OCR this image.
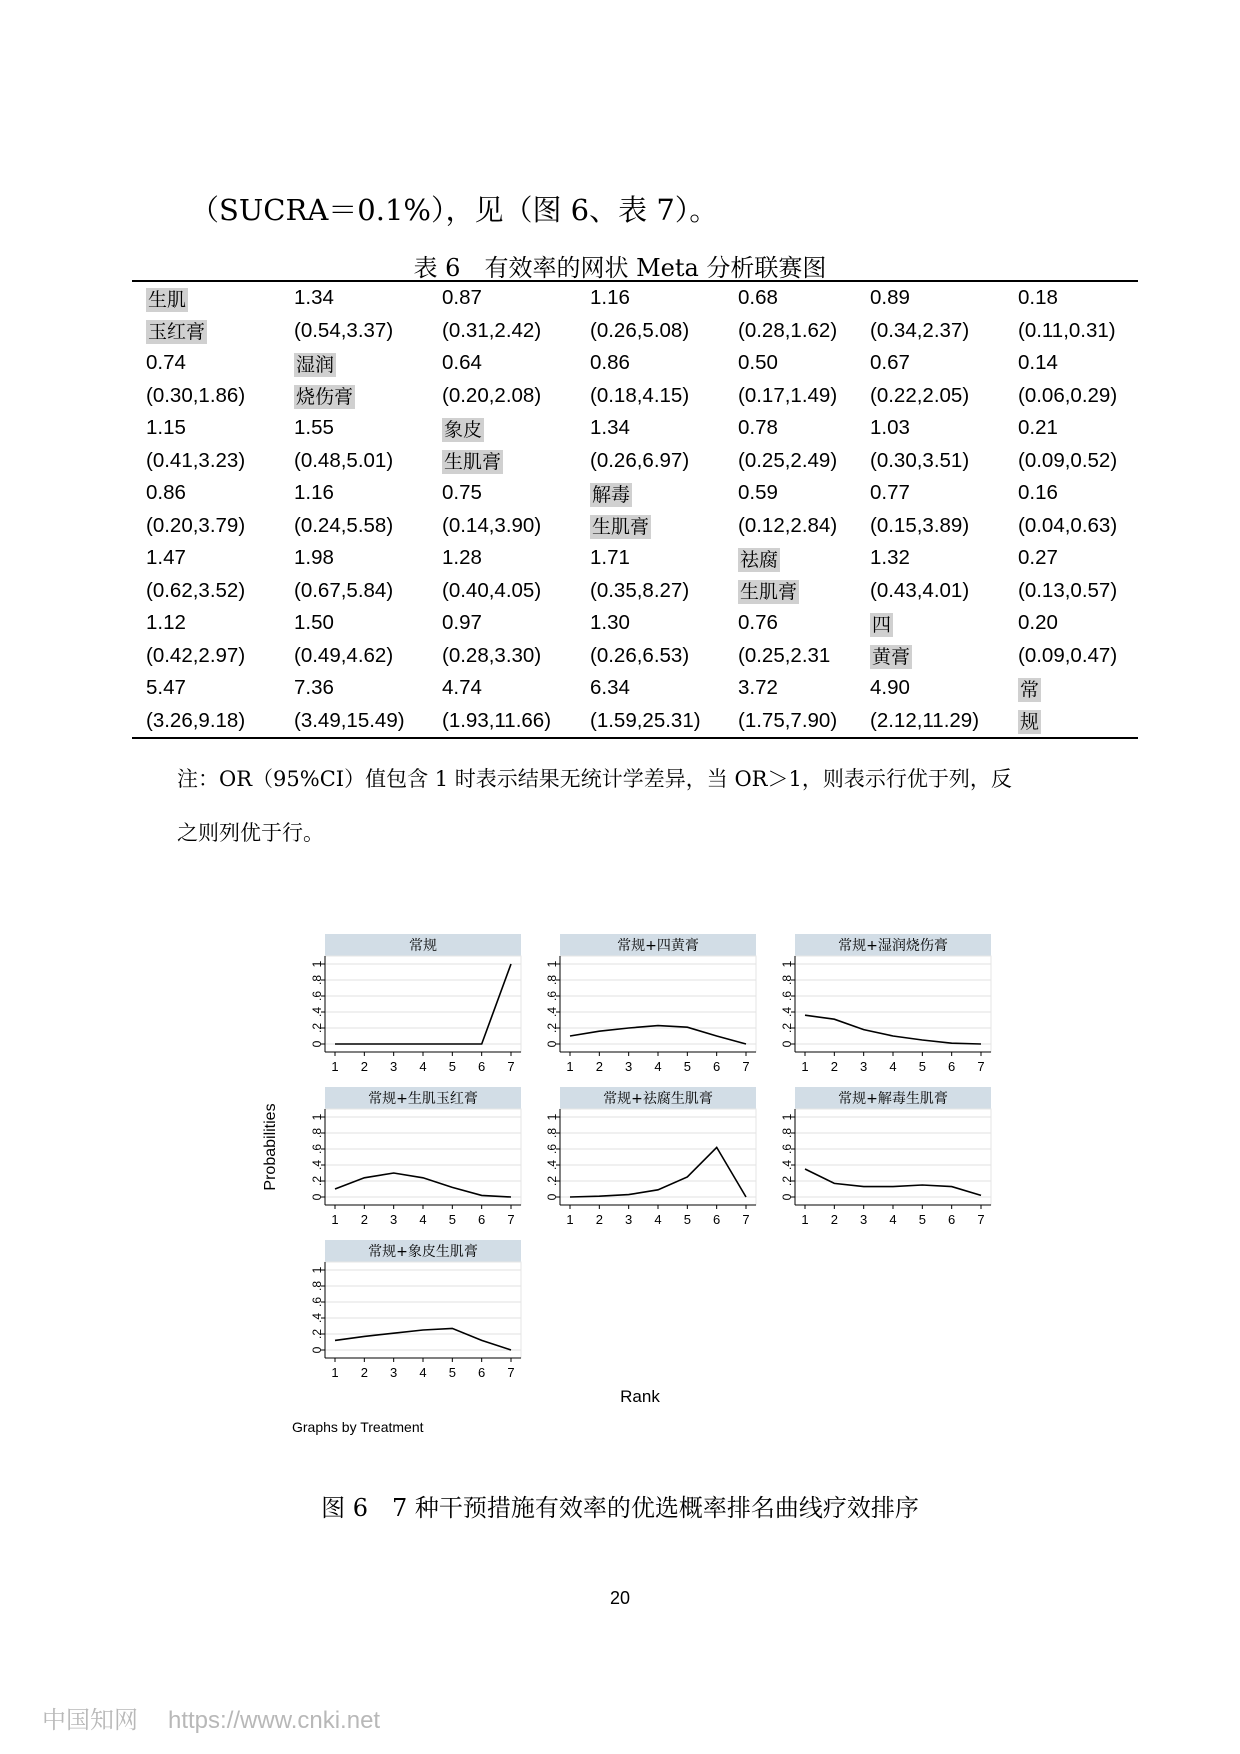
（SUCRA＝0.1%），见（图 6、表 7）。
表 6　有效率的网状 Meta 分析联赛图
生肌	1.34	0.87	1.16	0.68	0.89	0.18
玉红膏	(0.54,3.37)	(0.31,2.42)	(0.26,5.08)	(0.28,1.62)	(0.34,2.37)	(0.11,0.31)
0.74	湿润	0.64	0.86	0.50	0.67	0.14
(0.30,1.86)	烧伤膏	(0.20,2.08)	(0.18,4.15)	(0.17,1.49)	(0.22,2.05)	(0.06,0.29)
1.15	1.55	象皮	1.34	0.78	1.03	0.21
(0.41,3.23)	(0.48,5.01)	生肌膏	(0.26,6.97)	(0.25,2.49)	(0.30,3.51)	(0.09,0.52)
0.86	1.16	0.75	解毒	0.59	0.77	0.16
(0.20,3.79)	(0.24,5.58)	(0.14,3.90)	生肌膏	(0.12,2.84)	(0.15,3.89)	(0.04,0.63)
1.47	1.98	1.28	1.71	祛腐	1.32	0.27
(0.62,3.52)	(0.67,5.84)	(0.40,4.05)	(0.35,8.27)	生肌膏	(0.43,4.01)	(0.13,0.57)
1.12	1.50	0.97	1.30	0.76	四	0.20
(0.42,2.97)	(0.49,4.62)	(0.28,3.30)	(0.26,6.53)	(0.25,2.31	黄膏	(0.09,0.47)
5.47	7.36	4.74	6.34	3.72	4.90	常
(3.26,9.18)	(3.49,15.49)	(1.93,11.66)	(1.59,25.31)	(1.75,7.90)	(2.12,11.29)	规
注：OR（95%CI）值包含 1 时表示结果无统计学差异，当 OR＞1，则表示行优于列，反
之则列优于行。
常规
0
.2
.4
.6
.8
1
1 2 3 4 5 6 7
常规+四黄膏
0
.2
.4
.6
.8
1
1 2 3 4 5 6 7
常规+湿润烧伤膏
0
.2
.4
.6
.8
1
1 2 3 4 5 6 7
常规+生肌玉红膏
0
.2
.4
.6
.8
1
1 2 3 4 5 6 7
常规+祛腐生肌膏
0
.2
.4
.6
.8
1
1 2 3 4 5 6 7
常规+解毒生肌膏
0
.2
.4
.6
.8
1
1 2 3 4 5 6 7
常规+象皮生肌膏
0
.2
.4
.6
.8
1
1 2 3 4 5 6 7
Probabilities
Rank
Graphs by Treatment
图 6　7 种干预措施有效率的优选概率排名曲线疗效排序
20
中国知网 https://www.cnki.net
